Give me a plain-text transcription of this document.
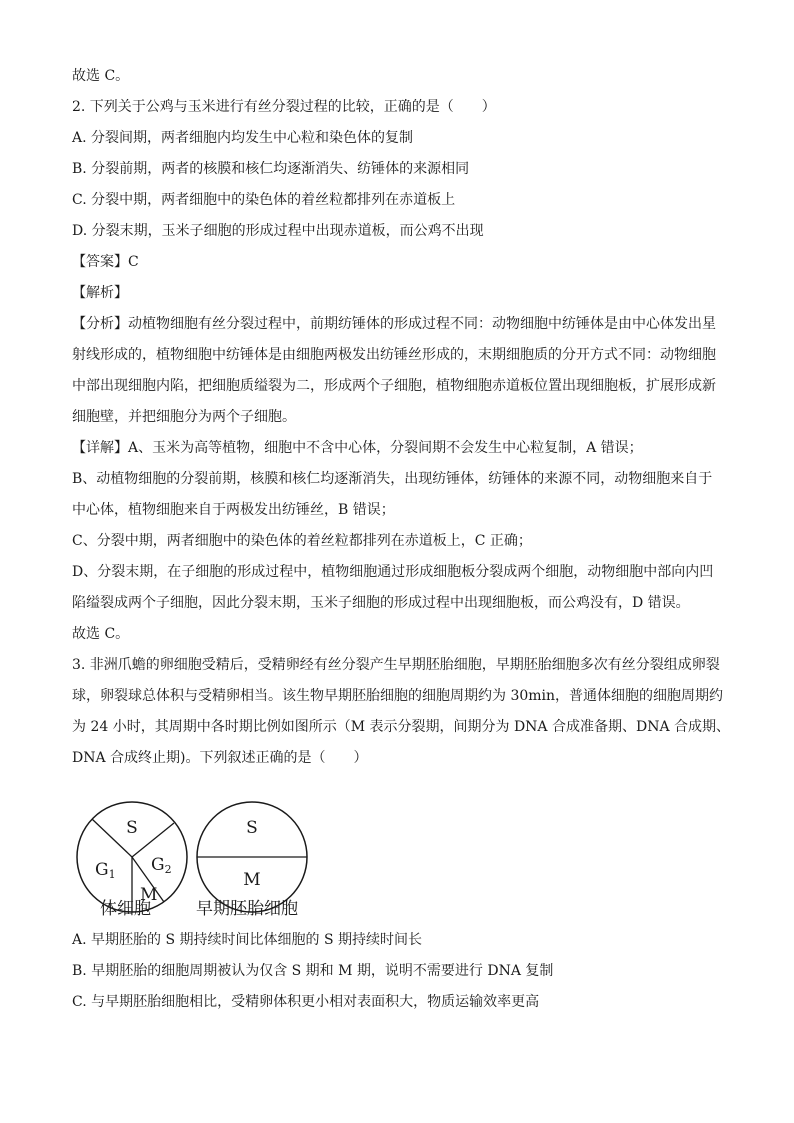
故选 C。
2. 下列关于公鸡与玉米进行有丝分裂过程的比较，正确的是（　　）
A. 分裂间期，两者细胞内均发生中心粒和染色体的复制
B. 分裂前期，两者的核膜和核仁均逐渐消失、纺锤体的来源相同
C. 分裂中期，两者细胞中的染色体的着丝粒都排列在赤道板上
D. 分裂末期，玉米子细胞的形成过程中出现赤道板，而公鸡不出现
【答案】C
【解析】
【分析】动植物细胞有丝分裂过程中，前期纺锤体的形成过程不同：动物细胞中纺锤体是由中心体发出星
射线形成的，植物细胞中纺锤体是由细胞两极发出纺锤丝形成的，末期细胞质的分开方式不同：动物细胞
中部出现细胞内陷，把细胞质缢裂为二，形成两个子细胞，植物细胞赤道板位置出现细胞板，扩展形成新
细胞壁，并把细胞分为两个子细胞。
【详解】A、玉米为高等植物，细胞中不含中心体，分裂间期不会发生中心粒复制，A 错误；
B、动植物细胞的分裂前期，核膜和核仁均逐渐消失，出现纺锤体，纺锤体的来源不同，动物细胞来自于
中心体，植物细胞来自于两极发出纺锤丝，B 错误；
C、分裂中期，两者细胞中的染色体的着丝粒都排列在赤道板上，C 正确；
D、分裂末期，在子细胞的形成过程中，植物细胞通过形成细胞板分裂成两个细胞，动物细胞中部向内凹
陷缢裂成两个子细胞，因此分裂末期，玉米子细胞的形成过程中出现细胞板，而公鸡没有，D 错误。
故选 C。
3. 非洲爪蟾的卵细胞受精后，受精卵经有丝分裂产生早期胚胎细胞，早期胚胎细胞多次有丝分裂组成卵裂
球，卵裂球总体积与受精卵相当。该生物早期胚胎细胞的细胞周期约为 30min，普通体细胞的细胞周期约
为 24 小时，其周期中各时期比例如图所示（M 表示分裂期，间期分为 DNA 合成准备期、DNA 合成期、
DNA 合成终止期)。下列叙述正确的是（　　）
S
G1 G2
M
S
M
体细胞	早期胚胎细胞
A. 早期胚胎的 S 期持续时间比体细胞的 S 期持续时间长
B. 早期胚胎的细胞周期被认为仅含 S 期和 M 期，说明不需要进行 DNA 复制
C. 与早期胚胎细胞相比，受精卵体积更小相对表面积大，物质运输效率更高
